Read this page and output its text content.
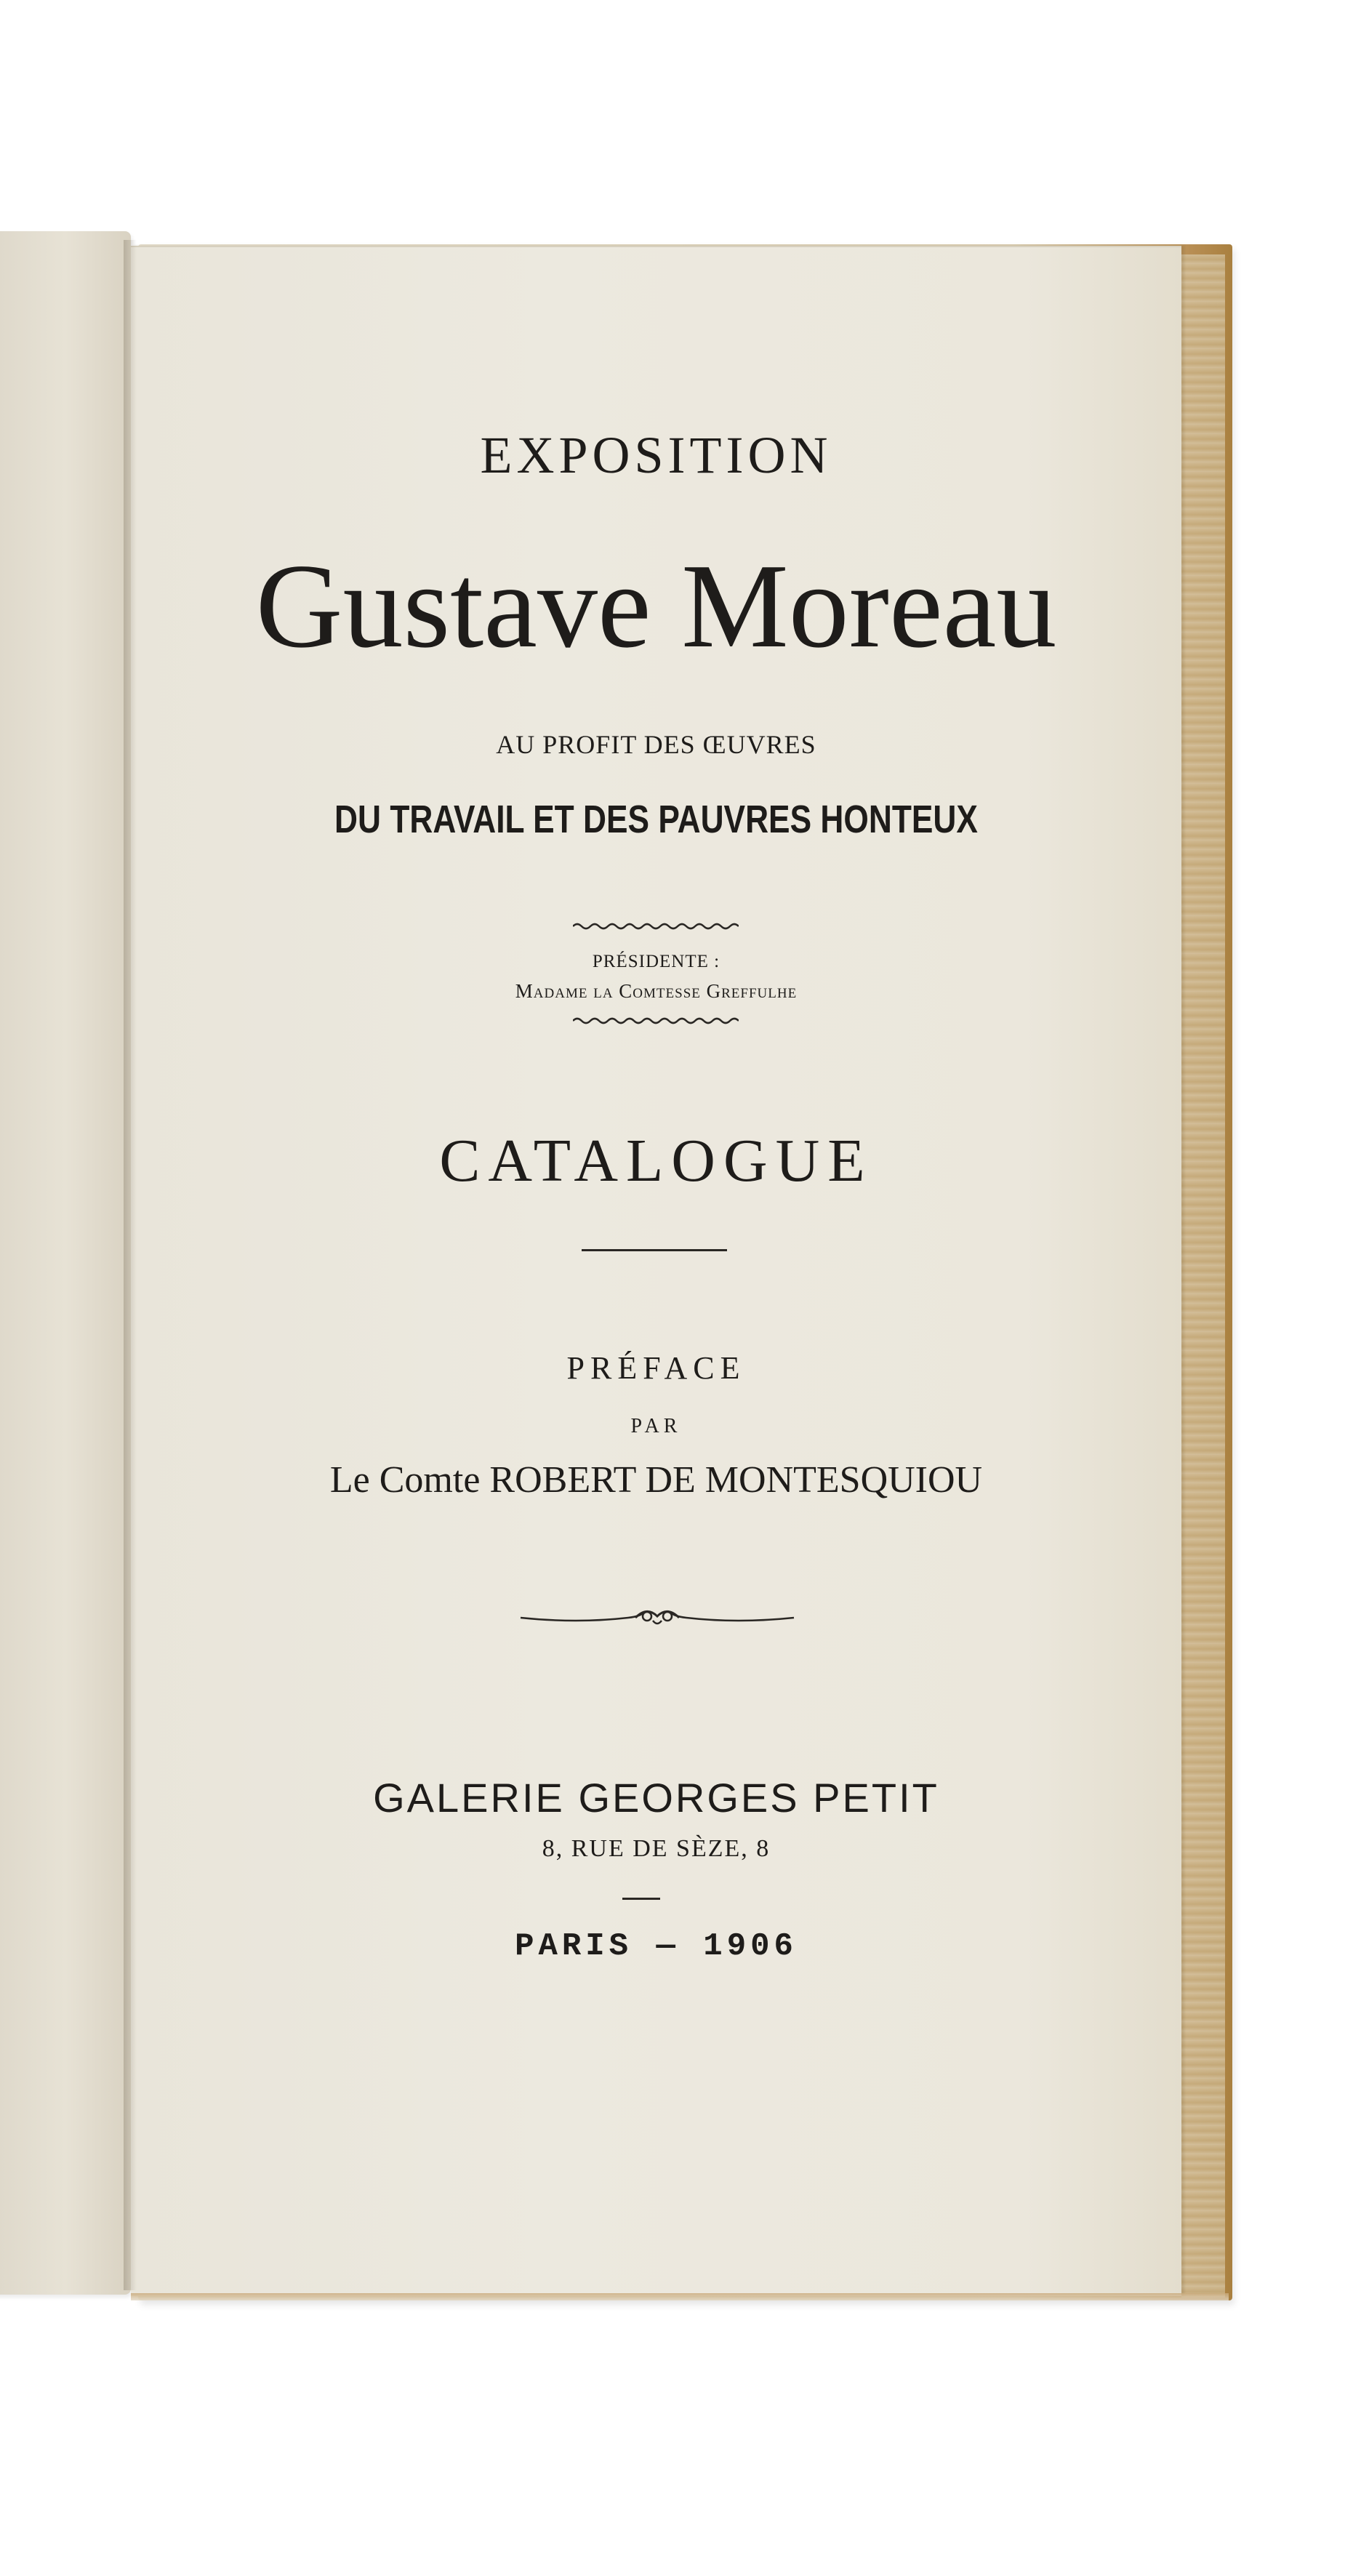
EXPOSITION
Gustave Moreau
AU PROFIT DES ŒUVRES
DU TRAVAIL ET DES PAUVRES HONTEUX
PRÉSIDENTE :
Madame la Comtesse Greffulhe
CATALOGUE
PRÉFACE
PAR
Le Comte ROBERT DE MONTESQUIOU
GALERIE GEORGES PETIT
8, RUE DE SÈZE, 8
PARIS — 1906
